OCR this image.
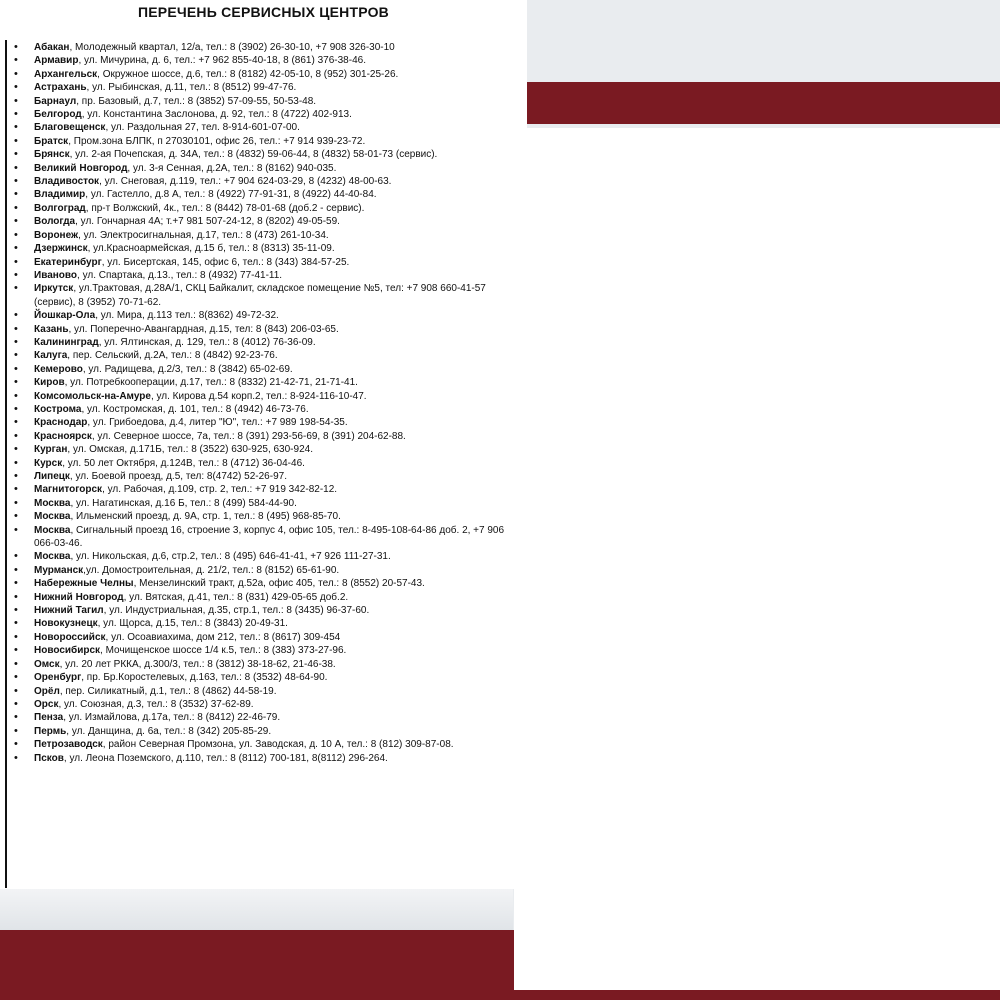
ПЕРЕЧЕНЬ СЕРВИСНЫХ ЦЕНТРОВ
• Абакан, Молодежный квартал, 12/а, тел.: 8 (3902) 26-30-10, +7 908 326-30-10
• Армавир, ул. Мичурина, д. 6, тел.: +7 962 855-40-18, 8 (861) 376-38-46.
• Архангельск, Окружное шоссе, д.6, тел.: 8 (8182) 42-05-10, 8 (952) 301-25-26.
• Астрахань, ул. Рыбинская, д.11, тел.: 8 (8512) 99-47-76.
• Барнаул, пр. Базовый, д.7, тел.: 8 (3852) 57-09-55, 50-53-48.
• Белгород, ул. Константина Заслонова, д. 92, тел.: 8 (4722) 402-913.
• Благовещенск, ул. Раздольная 27, тел. 8-914-601-07-00.
• Братск, Пром.зона БЛПК, п 27030101, офис 26, тел.: +7 914 939-23-72.
• Брянск, ул. 2-ая Почепская, д. 34А, тел.: 8 (4832) 59-06-44, 8 (4832) 58-01-73 (сервис).
• Великий Новгород, ул. 3-я Сенная, д.2А, тел.: 8 (8162) 940-035.
• Владивосток, ул. Снеговая, д.119, тел.: +7 904 624-03-29, 8 (4232) 48-00-63.
• Владимир, ул. Гастелло, д.8 А, тел.: 8 (4922) 77-91-31, 8 (4922) 44-40-84.
• Волгоград, пр-т Волжский, 4к., тел.: 8 (8442) 78-01-68 (доб.2 - сервис).
• Вологда, ул. Гончарная 4А; т.+7 981 507-24-12, 8 (8202) 49-05-59.
• Воронеж, ул. Электросигнальная, д.17, тел.: 8 (473) 261-10-34.
• Дзержинск, ул.Красноармейская, д.15 б, тел.: 8 (8313) 35-11-09.
• Екатеринбург, ул. Бисертская, 145, офис 6, тел.: 8 (343) 384-57-25.
• Иваново, ул. Спартака, д.13., тел.: 8 (4932) 77-41-11.
• Иркутск, ул.Трактовая, д.28А/1, СКЦ Байкалит, складское помещение №5, тел: +7 908 660-41-57 (сервис), 8 (3952) 70-71-62.
• Йошкар-Ола, ул. Мира, д.113 тел.: 8(8362) 49-72-32.
• Казань, ул. Поперечно-Авангардная, д.15, тел: 8 (843) 206-03-65.
• Калининград, ул. Ялтинская, д. 129, тел.: 8 (4012) 76-36-09.
• Калуга, пер. Сельский, д.2А, тел.: 8 (4842) 92-23-76.
• Кемерово, ул. Радищева, д.2/3, тел.: 8 (3842) 65-02-69.
• Киров, ул. Потребкооперации, д.17, тел.: 8 (8332) 21-42-71, 21-71-41.
• Комсомольск-на-Амуре, ул. Кирова д.54 корп.2, тел.: 8-924-116-10-47.
• Кострома, ул. Костромская, д. 101, тел.: 8 (4942) 46-73-76.
• Краснодар, ул. Грибоедова, д.4, литер "Ю", тел.: +7 989 198-54-35.
• Красноярск, ул. Северное шоссе, 7а, тел.: 8 (391) 293-56-69, 8 (391) 204-62-88.
• Курган, ул. Омская, д.171Б, тел.: 8 (3522) 630-925, 630-924.
• Курск, ул. 50 лет Октября, д.124В, тел.: 8 (4712) 36-04-46.
• Липецк, ул. Боевой проезд, д.5, тел: 8(4742) 52-26-97.
• Магнитогорск, ул. Рабочая, д.109, стр. 2, тел.: +7 919 342-82-12.
• Москва, ул. Нагатинская, д.16 Б, тел.: 8 (499) 584-44-90.
• Москва, Ильменский проезд, д. 9А, стр. 1, тел.: 8 (495) 968-85-70.
• Москва, Сигнальный проезд 16, строение 3, корпус 4, офис 105, тел.: 8-495-108-64-86 доб. 2, +7 906 066-03-46.
• Москва, ул. Никольская, д.6, стр.2, тел.: 8 (495) 646-41-41, +7 926 111-27-31.
• Мурманск,ул. Домостроительная, д. 21/2, тел.: 8 (8152) 65-61-90.
• Набережные Челны, Мензелинский тракт, д.52а, офис 405, тел.: 8 (8552) 20-57-43.
• Нижний Новгород, ул. Вятская, д.41, тел.: 8 (831) 429-05-65 доб.2.
• Нижний Тагил, ул. Индустриальная, д.35, стр.1, тел.: 8 (3435) 96-37-60.
• Новокузнецк, ул. Щорса, д.15, тел.: 8 (3843) 20-49-31.
• Новороссийск, ул. Осоавиахима, дом 212, тел.: 8 (8617) 309-454
• Новосибирск, Мочищенское шоссе 1/4 к.5, тел.: 8 (383) 373-27-96.
• Омск, ул. 20 лет РККА, д.300/3, тел.: 8 (3812) 38-18-62, 21-46-38.
• Оренбург, пр. Бр.Коростелевых, д.163, тел.: 8 (3532) 48-64-90.
• Орёл, пер. Силикатный, д.1, тел.: 8 (4862) 44-58-19.
• Орск, ул. Союзная, д.3, тел.: 8 (3532) 37-62-89.
• Пенза, ул. Измайлова, д.17а, тел.: 8 (8412) 22-46-79.
• Пермь, ул. Данщина, д. 6а, тел.: 8 (342) 205-85-29.
• Петрозаводск, район Северная Промзона, ул. Заводская, д. 10 А, тел.: 8 (812) 309-87-08.
• Псков, ул. Леона Поземского, д.110, тел.: 8 (8112) 700-181, 8(8112) 296-264.
